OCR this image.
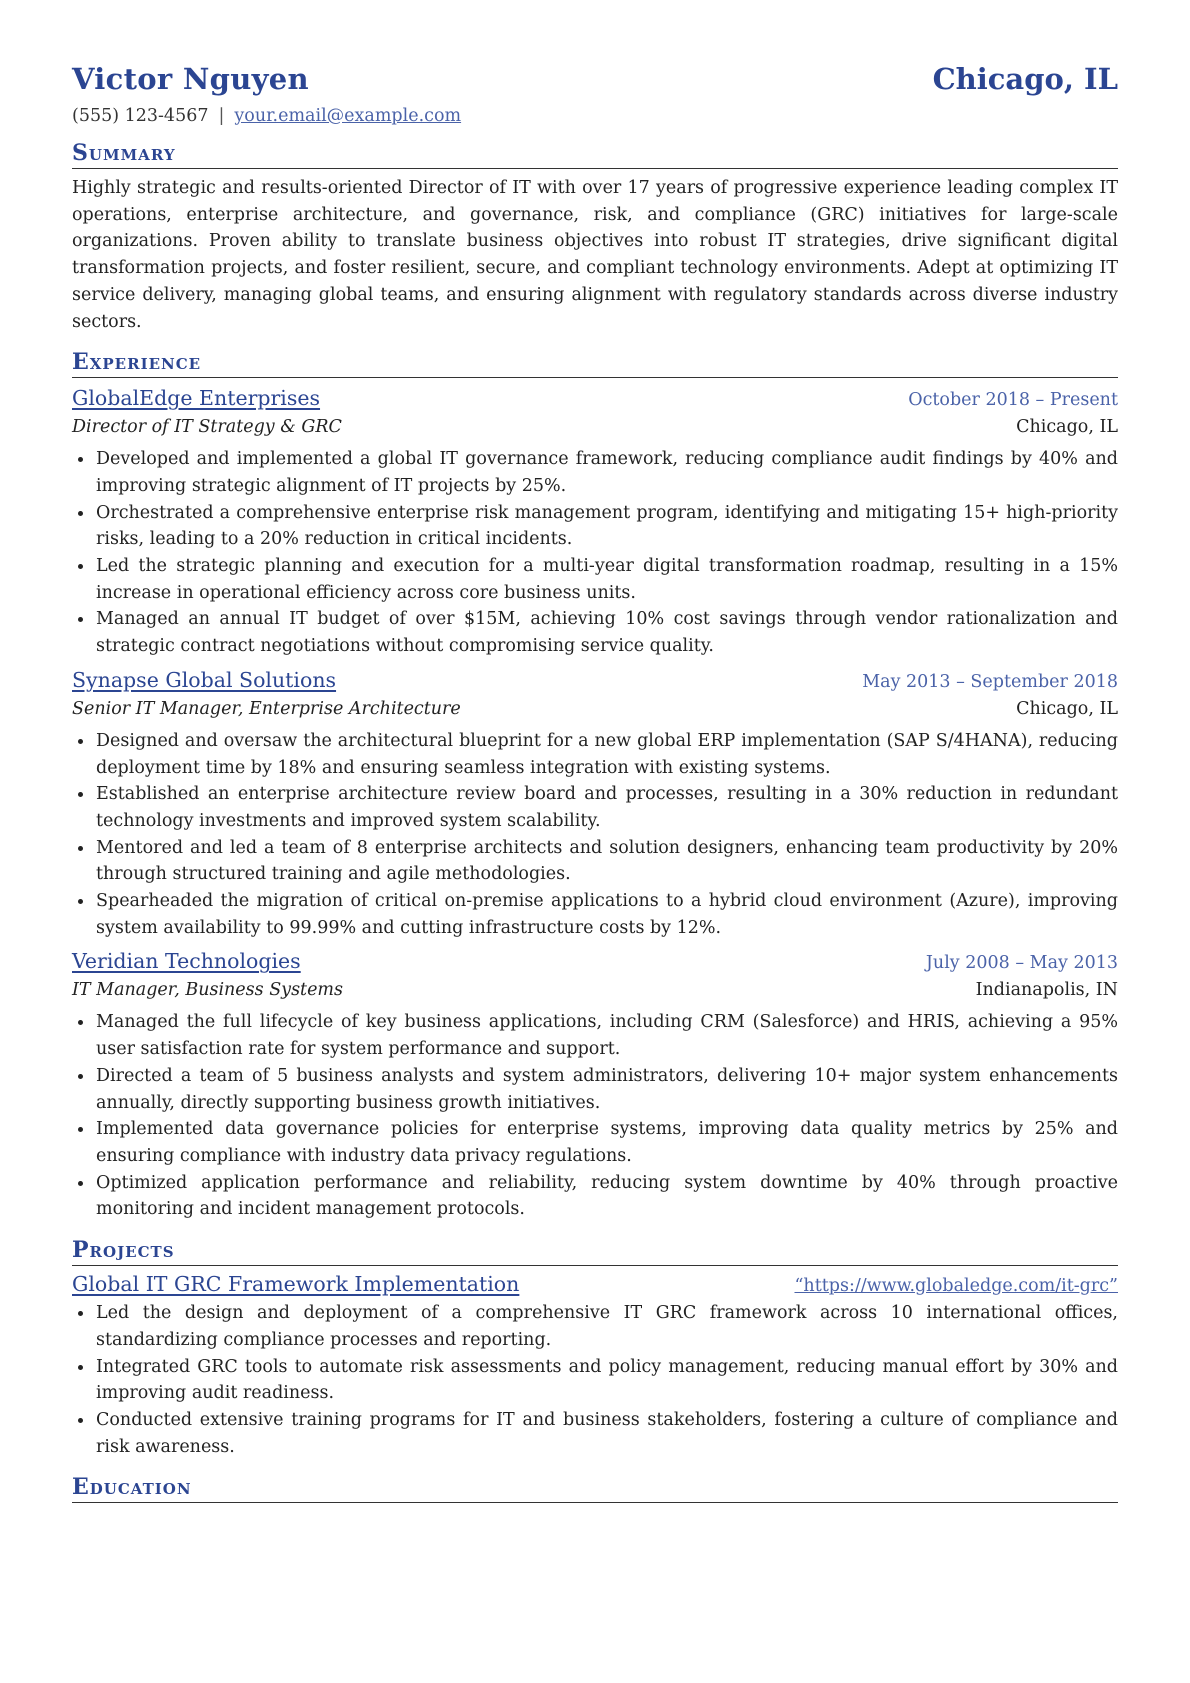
Victor Nguyen	Chicago, IL
(555) 123-4567 | your.email@example.com
Summary

Highly strategic and results-oriented Director of IT with over 17 years of progressive experience leading complex IT operations, enterprise architecture, and governance, risk, and compliance (GRC) initiatives for large-scale organizations. Proven ability to translate business objectives into robust IT strategies, drive significant digital transformation projects, and foster resilient, secure, and compliant technology environments. Adept at optimizing IT service delivery, managing global teams, and ensuring alignment with regulatory standards across diverse industry sectors.

Experience
GlobalEdge Enterprises	October 2018 – Present
Director of IT Strategy & GRC	Chicago, IL
Developed and implemented a global IT governance framework, reducing compliance audit findings by 40% and improving strategic alignment of IT projects by 25%.
Orchestrated a comprehensive enterprise risk management program, identifying and mitigating 15+ high-priority risks, leading to a 20% reduction in critical incidents.
Led the strategic planning and execution for a multi-year digital transformation roadmap, resulting in a 15% increase in operational efficiency across core business units.
Managed an annual IT budget of over $15M, achieving 10% cost savings through vendor rationalization and strategic contract negotiations without compromising service quality.
Synapse Global Solutions	May 2013 – September 2018
Senior IT Manager, Enterprise Architecture	Chicago, IL
Designed and oversaw the architectural blueprint for a new global ERP implementation (SAP S/4HANA), reducing deployment time by 18% and ensuring seamless integration with existing systems.
Established an enterprise architecture review board and processes, resulting in a 30% reduction in redundant technology investments and improved system scalability.
Mentored and led a team of 8 enterprise architects and solution designers, enhancing team productivity by 20% through structured training and agile methodologies.
Spearheaded the migration of critical on-premise applications to a hybrid cloud environment (Azure), improving system availability to 99.99% and cutting infrastructure costs by 12%.
Veridian Technologies	July 2008 – May 2013
IT Manager, Business Systems	Indianapolis, IN
Managed the full lifecycle of key business applications, including CRM (Salesforce) and HRIS, achieving a 95% user satisfaction rate for system performance and support.
Directed a team of 5 business analysts and system administrators, delivering 10+ major system enhancements annually, directly supporting business growth initiatives.
Implemented data governance policies for enterprise systems, improving data quality metrics by 25% and ensuring compliance with industry data privacy regulations.
Optimized application performance and reliability, reducing system downtime by 40% through proactive monitoring and incident management protocols.
Projects
Global IT GRC Framework Implementation	“https://www.globaledge.com/it-grc”
Led the design and deployment of a comprehensive IT GRC framework across 10 international offices, standardizing compliance processes and reporting.
Integrated GRC tools to automate risk assessments and policy management, reducing manual effort by 30% and improving audit readiness.
Conducted extensive training programs for IT and business stakeholders, fostering a culture of compliance and risk awareness.
Education
